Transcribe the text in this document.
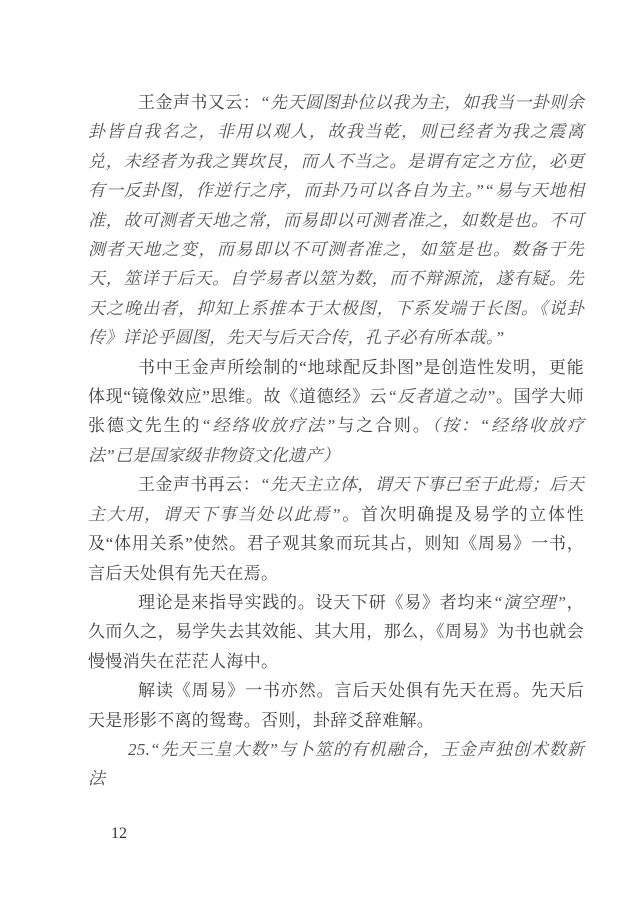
王金声书又云：“先天圆图卦位以我为主，如我当一卦则余卦皆自我名之，非用以观人，故我当乾，则已经者为我之震离兑，未经者为我之巽坎艮，而人不当之。是谓有定之方位，必更有一反卦图，作逆行之序，而卦乃可以各自为主。”“易与天地相准，故可测者天地之常，而易即以可测者准之，如数是也。不可测者天地之变，而易即以不可测者准之，如筮是也。数备于先天，筮详于后天。自学易者以筮为数，而不辩源流，遂有疑。先天之晚出者，抑知上系推本于太极图，下系发端于长图。《说卦传》详论乎圆图，先天与后天合传，孔子必有所本哉。”

书中王金声所绘制的“地球配反卦图”是创造性发明，更能体现“镜像效应”思维。故《道德经》云“反者道之动”。国学大师张德文先生的“经络收放疗法”与之合则。（按：“经络收放疗法”已是国家级非物资文化遗产）

王金声书再云：“先天主立体，谓天下事已至于此焉；后天主大用，谓天下事当处以此焉”。首次明确提及易学的立体性及“体用关系”使然。君子观其象而玩其占，则知《周易》一书，言后天处俱有先天在焉。

理论是来指导实践的。设天下研《易》者均来“演空理”，久而久之，易学失去其效能、其大用，那么，《周易》为书也就会慢慢消失在茫茫人海中。

解读《周易》一书亦然。言后天处俱有先天在焉。先天后天是形影不离的鸳鸯。否则，卦辞爻辞难解。

25.“先天三皇大数”与卜筮的有机融合，王金声独创术数新法

12
